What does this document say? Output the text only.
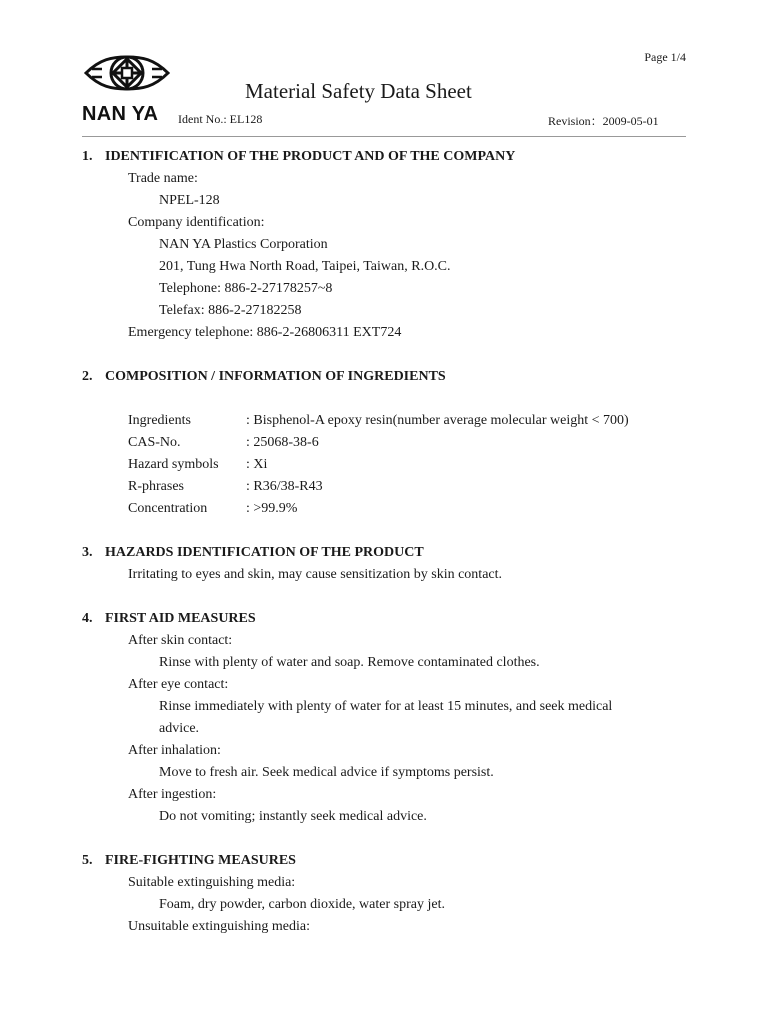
Page 1/4
NAN YA
Material Safety Data Sheet
Ident No.: EL128	Revision：2009-05-01
1. IDENTIFICATION OF THE PRODUCT AND OF THE COMPANY
Trade name:
NPEL-128
Company identification:
NAN YA Plastics Corporation
201, Tung Hwa North Road, Taipei, Taiwan, R.O.C.
Telephone: 886-2-27178257~8
Telefax: 886-2-27182258
Emergency telephone: 886-2-26806311 EXT724
2. COMPOSITION / INFORMATION OF INGREDIENTS
Ingredients	: Bisphenol-A epoxy resin(number average molecular weight < 700)
CAS-No.	: 25068-38-6
Hazard symbols : Xi
R-phrases	: R36/38-R43
Concentration	: >99.9%
3. HAZARDS IDENTIFICATION OF THE PRODUCT
Irritating to eyes and skin, may cause sensitization by skin contact.
4. FIRST AID MEASURES
After skin contact:
Rinse with plenty of water and soap. Remove contaminated clothes.
After eye contact:
Rinse immediately with plenty of water for at least 15 minutes, and seek medical
advice.
After inhalation:
Move to fresh air. Seek medical advice if symptoms persist.
After ingestion:
Do not vomiting; instantly seek medical advice.
5. FIRE-FIGHTING MEASURES
Suitable extinguishing media:
Foam, dry powder, carbon dioxide, water spray jet.
Unsuitable extinguishing media:
